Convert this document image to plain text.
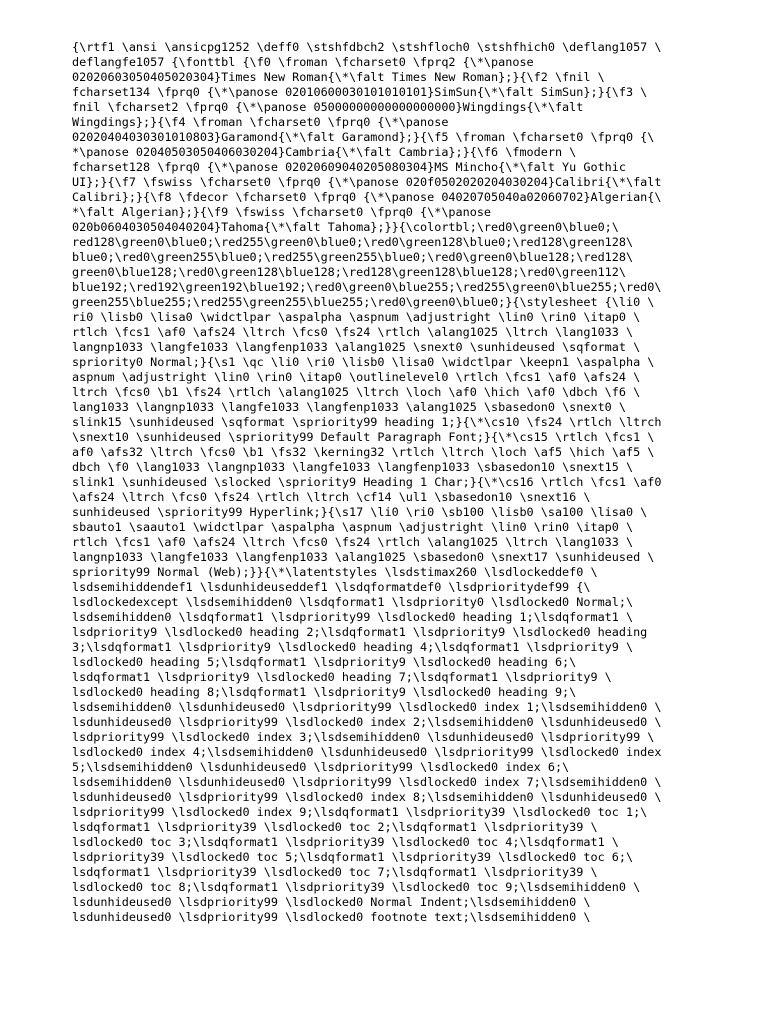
{\rtf1 \ansi \ansicpg1252 \deff0 \stshfdbch2 \stshfloch0 \stshfhich0 \deflang1057 \
deflangfe1057 {\fonttbl {\f0 \froman \fcharset0 \fprq2 {\*\panose
02020603050405020304}Times New Roman{\*\falt Times New Roman};}{\f2 \fnil \
fcharset134 \fprq0 {\*\panose 02010600030101010101}SimSun{\*\falt SimSun};}{\f3 \
fnil \fcharset2 \fprq0 {\*\panose 05000000000000000000}Wingdings{\*\falt
Wingdings};}{\f4 \froman \fcharset0 \fprq0 {\*\panose
02020404030301010803}Garamond{\*\falt Garamond};}{\f5 \froman \fcharset0 \fprq0 {\
*\panose 02040503050406030204}Cambria{\*\falt Cambria};}{\f6 \fmodern \
fcharset128 \fprq0 {\*\panose 02020609040205080304}MS Mincho{\*\falt Yu Gothic
UI};}{\f7 \fswiss \fcharset0 \fprq0 {\*\panose 020f0502020204030204}Calibri{\*\falt
Calibri};}{\f8 \fdecor \fcharset0 \fprq0 {\*\panose 04020705040a02060702}Algerian{\
*\falt Algerian};}{\f9 \fswiss \fcharset0 \fprq0 {\*\panose
020b0604030504040204}Tahoma{\*\falt Tahoma};}}{\colortbl;\red0\green0\blue0;\
red128\green0\blue0;\red255\green0\blue0;\red0\green128\blue0;\red128\green128\
blue0;\red0\green255\blue0;\red255\green255\blue0;\red0\green0\blue128;\red128\
green0\blue128;\red0\green128\blue128;\red128\green128\blue128;\red0\green112\
blue192;\red192\green192\blue192;\red0\green0\blue255;\red255\green0\blue255;\red0\
green255\blue255;\red255\green255\blue255;\red0\green0\blue0;}{\stylesheet {\li0 \
ri0 \lisb0 \lisa0 \widctlpar \aspalpha \aspnum \adjustright \lin0 \rin0 \itap0 \
rtlch \fcs1 \af0 \afs24 \ltrch \fcs0 \fs24 \rtlch \alang1025 \ltrch \lang1033 \
langnp1033 \langfe1033 \langfenp1033 \alang1025 \snext0 \sunhideused \sqformat \
spriority0 Normal;}{\s1 \qc \li0 \ri0 \lisb0 \lisa0 \widctlpar \keepn1 \aspalpha \
aspnum \adjustright \lin0 \rin0 \itap0 \outlinelevel0 \rtlch \fcs1 \af0 \afs24 \
ltrch \fcs0 \b1 \fs24 \rtlch \alang1025 \ltrch \loch \af0 \hich \af0 \dbch \f6 \
lang1033 \langnp1033 \langfe1033 \langfenp1033 \alang1025 \sbasedon0 \snext0 \
slink15 \sunhideused \sqformat \spriority99 heading 1;}{\*\cs10 \fs24 \rtlch \ltrch
\snext10 \sunhideused \spriority99 Default Paragraph Font;}{\*\cs15 \rtlch \fcs1 \
af0 \afs32 \ltrch \fcs0 \b1 \fs32 \kerning32 \rtlch \ltrch \loch \af5 \hich \af5 \
dbch \f0 \lang1033 \langnp1033 \langfe1033 \langfenp1033 \sbasedon10 \snext15 \
slink1 \sunhideused \slocked \spriority9 Heading 1 Char;}{\*\cs16 \rtlch \fcs1 \af0
\afs24 \ltrch \fcs0 \fs24 \rtlch \ltrch \cf14 \ul1 \sbasedon10 \snext16 \
sunhideused \spriority99 Hyperlink;}{\s17 \li0 \ri0 \sb100 \lisb0 \sa100 \lisa0 \
sbauto1 \saauto1 \widctlpar \aspalpha \aspnum \adjustright \lin0 \rin0 \itap0 \
rtlch \fcs1 \af0 \afs24 \ltrch \fcs0 \fs24 \rtlch \alang1025 \ltrch \lang1033 \
langnp1033 \langfe1033 \langfenp1033 \alang1025 \sbasedon0 \snext17 \sunhideused \
spriority99 Normal (Web);}}{\*\latentstyles \lsdstimax260 \lsdlockeddef0 \
lsdsemihiddendef1 \lsdunhideuseddef1 \lsdqformatdef0 \lsdprioritydef99 {\
lsdlockedexcept \lsdsemihidden0 \lsdqformat1 \lsdpriority0 \lsdlocked0 Normal;\
lsdsemihidden0 \lsdqformat1 \lsdpriority99 \lsdlocked0 heading 1;\lsdqformat1 \
lsdpriority9 \lsdlocked0 heading 2;\lsdqformat1 \lsdpriority9 \lsdlocked0 heading
3;\lsdqformat1 \lsdpriority9 \lsdlocked0 heading 4;\lsdqformat1 \lsdpriority9 \
lsdlocked0 heading 5;\lsdqformat1 \lsdpriority9 \lsdlocked0 heading 6;\
lsdqformat1 \lsdpriority9 \lsdlocked0 heading 7;\lsdqformat1 \lsdpriority9 \
lsdlocked0 heading 8;\lsdqformat1 \lsdpriority9 \lsdlocked0 heading 9;\
lsdsemihidden0 \lsdunhideused0 \lsdpriority99 \lsdlocked0 index 1;\lsdsemihidden0 \
lsdunhideused0 \lsdpriority99 \lsdlocked0 index 2;\lsdsemihidden0 \lsdunhideused0 \
lsdpriority99 \lsdlocked0 index 3;\lsdsemihidden0 \lsdunhideused0 \lsdpriority99 \
lsdlocked0 index 4;\lsdsemihidden0 \lsdunhideused0 \lsdpriority99 \lsdlocked0 index
5;\lsdsemihidden0 \lsdunhideused0 \lsdpriority99 \lsdlocked0 index 6;\
lsdsemihidden0 \lsdunhideused0 \lsdpriority99 \lsdlocked0 index 7;\lsdsemihidden0 \
lsdunhideused0 \lsdpriority99 \lsdlocked0 index 8;\lsdsemihidden0 \lsdunhideused0 \
lsdpriority99 \lsdlocked0 index 9;\lsdqformat1 \lsdpriority39 \lsdlocked0 toc 1;\
lsdqformat1 \lsdpriority39 \lsdlocked0 toc 2;\lsdqformat1 \lsdpriority39 \
lsdlocked0 toc 3;\lsdqformat1 \lsdpriority39 \lsdlocked0 toc 4;\lsdqformat1 \
lsdpriority39 \lsdlocked0 toc 5;\lsdqformat1 \lsdpriority39 \lsdlocked0 toc 6;\
lsdqformat1 \lsdpriority39 \lsdlocked0 toc 7;\lsdqformat1 \lsdpriority39 \
lsdlocked0 toc 8;\lsdqformat1 \lsdpriority39 \lsdlocked0 toc 9;\lsdsemihidden0 \
lsdunhideused0 \lsdpriority99 \lsdlocked0 Normal Indent;\lsdsemihidden0 \
lsdunhideused0 \lsdpriority99 \lsdlocked0 footnote text;\lsdsemihidden0 \
